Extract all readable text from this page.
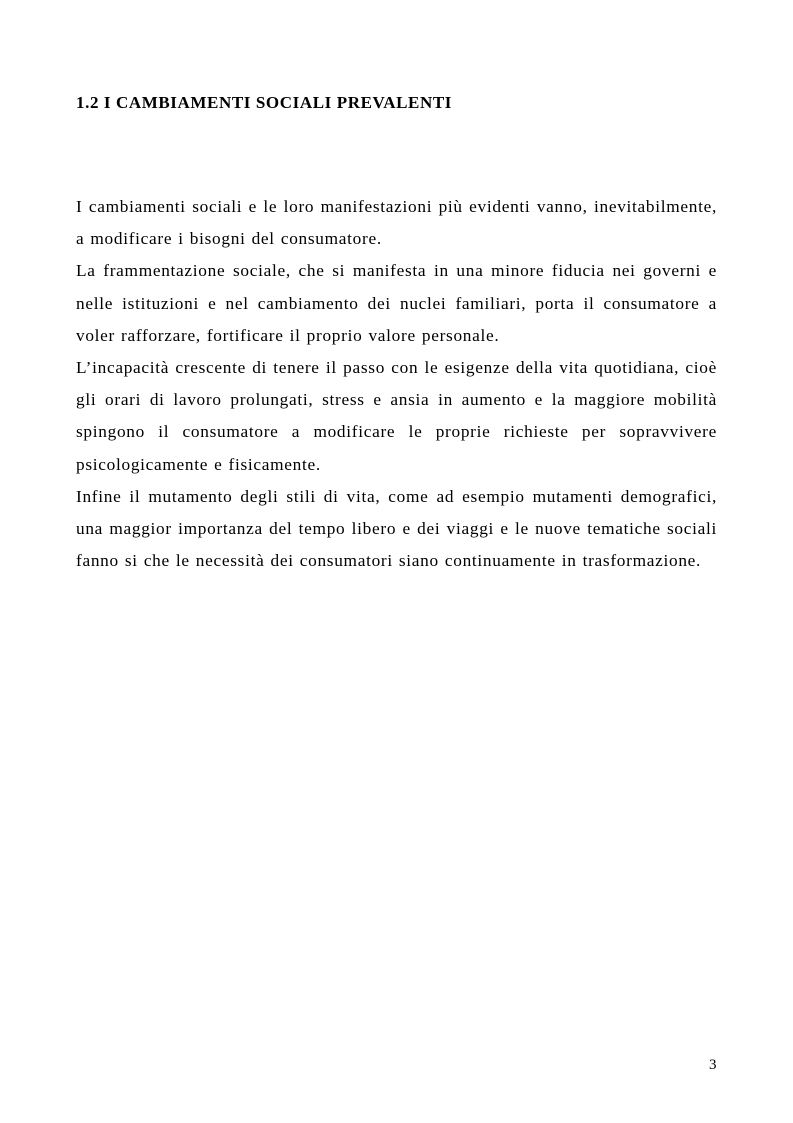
1.2 I CAMBIAMENTI SOCIALI PREVALENTI

I cambiamenti sociali e le loro manifestazioni più evidenti vanno, inevitabilmente, a modificare i bisogni del consumatore.

La frammentazione sociale, che si manifesta in una minore fiducia nei governi e nelle istituzioni e nel cambiamento dei nuclei familiari, porta il consumatore a voler rafforzare, fortificare il proprio valore personale.

L’incapacità crescente di tenere il passo con le esigenze della vita quotidiana, cioè gli orari di lavoro prolungati, stress e ansia in aumento e la maggiore mobilità spingono il consumatore a modificare le proprie richieste per sopravvivere psicologicamente e fisicamente.

Infine il mutamento degli stili di vita, come ad esempio mutamenti demografici, una maggior importanza del tempo libero e dei viaggi e le nuove tematiche sociali fanno si che le necessità dei consumatori siano continuamente in trasformazione.

3
